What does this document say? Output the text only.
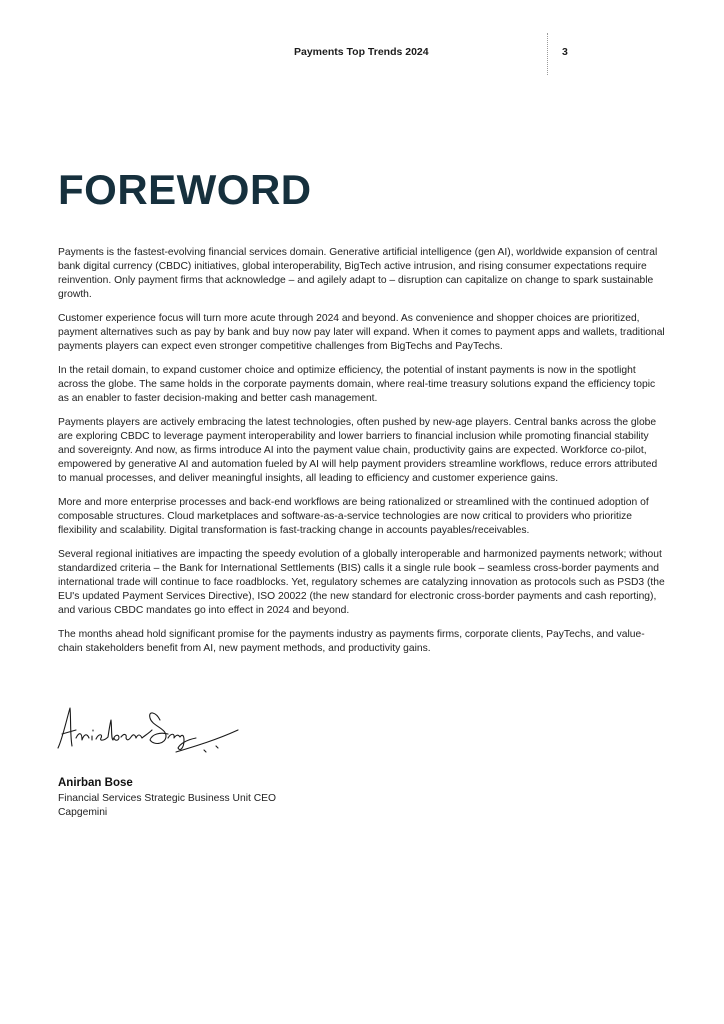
Payments Top Trends 2024	3
FOREWORD

Payments is the fastest-evolving financial services domain. Generative artificial intelligence (gen AI), worldwide expansion of central bank digital currency (CBDC) initiatives, global interoperability, BigTech active intrusion, and rising consumer expectations require reinvention. Only payment firms that acknowledge – and agilely adapt to – disruption can capitalize on change to spark sustainable growth.

Customer experience focus will turn more acute through 2024 and beyond. As convenience and shopper choices are prioritized, payment alternatives such as pay by bank and buy now pay later will expand. When it comes to payment apps and wallets, traditional payments players can expect even stronger competitive challenges from BigTechs and PayTechs.

In the retail domain, to expand customer choice and optimize efficiency, the potential of instant payments is now in the spotlight across the globe. The same holds in the corporate payments domain, where real-time treasury solutions expand the efficiency topic as an enabler to faster decision-making and better cash management.

Payments players are actively embracing the latest technologies, often pushed by new-age players. Central banks across the globe are exploring CBDC to leverage payment interoperability and lower barriers to financial inclusion while promoting financial stability and sovereignty. And now, as firms introduce AI into the payment value chain, productivity gains are expected. Workforce co-pilot, empowered by generative AI and automation fueled by AI will help payment providers streamline workflows, reduce errors attributed to manual processes, and deliver meaningful insights, all leading to efficiency and customer experience gains.

More and more enterprise processes and back-end workflows are being rationalized or streamlined with the continued adoption of composable structures. Cloud marketplaces and software-as-a-service technologies are now critical to providers who prioritize flexibility and scalability. Digital transformation is fast-tracking change in accounts payables/receivables.

Several regional initiatives are impacting the speedy evolution of a globally interoperable and harmonized payments network; without standardized criteria – the Bank for International Settlements (BIS) calls it a single rule book – seamless cross-border payments and international trade will continue to face roadblocks. Yet, regulatory schemes are catalyzing innovation as protocols such as PSD3 (the EU's updated Payment Services Directive), ISO 20022 (the new standard for electronic cross-border payments and cash reporting), and various CBDC mandates go into effect in 2024 and beyond.

The months ahead hold significant promise for the payments industry as payments firms, corporate clients, PayTechs, and value-chain stakeholders benefit from AI, new payment methods, and productivity gains.

Anirban Bose
Financial Services Strategic Business Unit CEO
Capgemini
